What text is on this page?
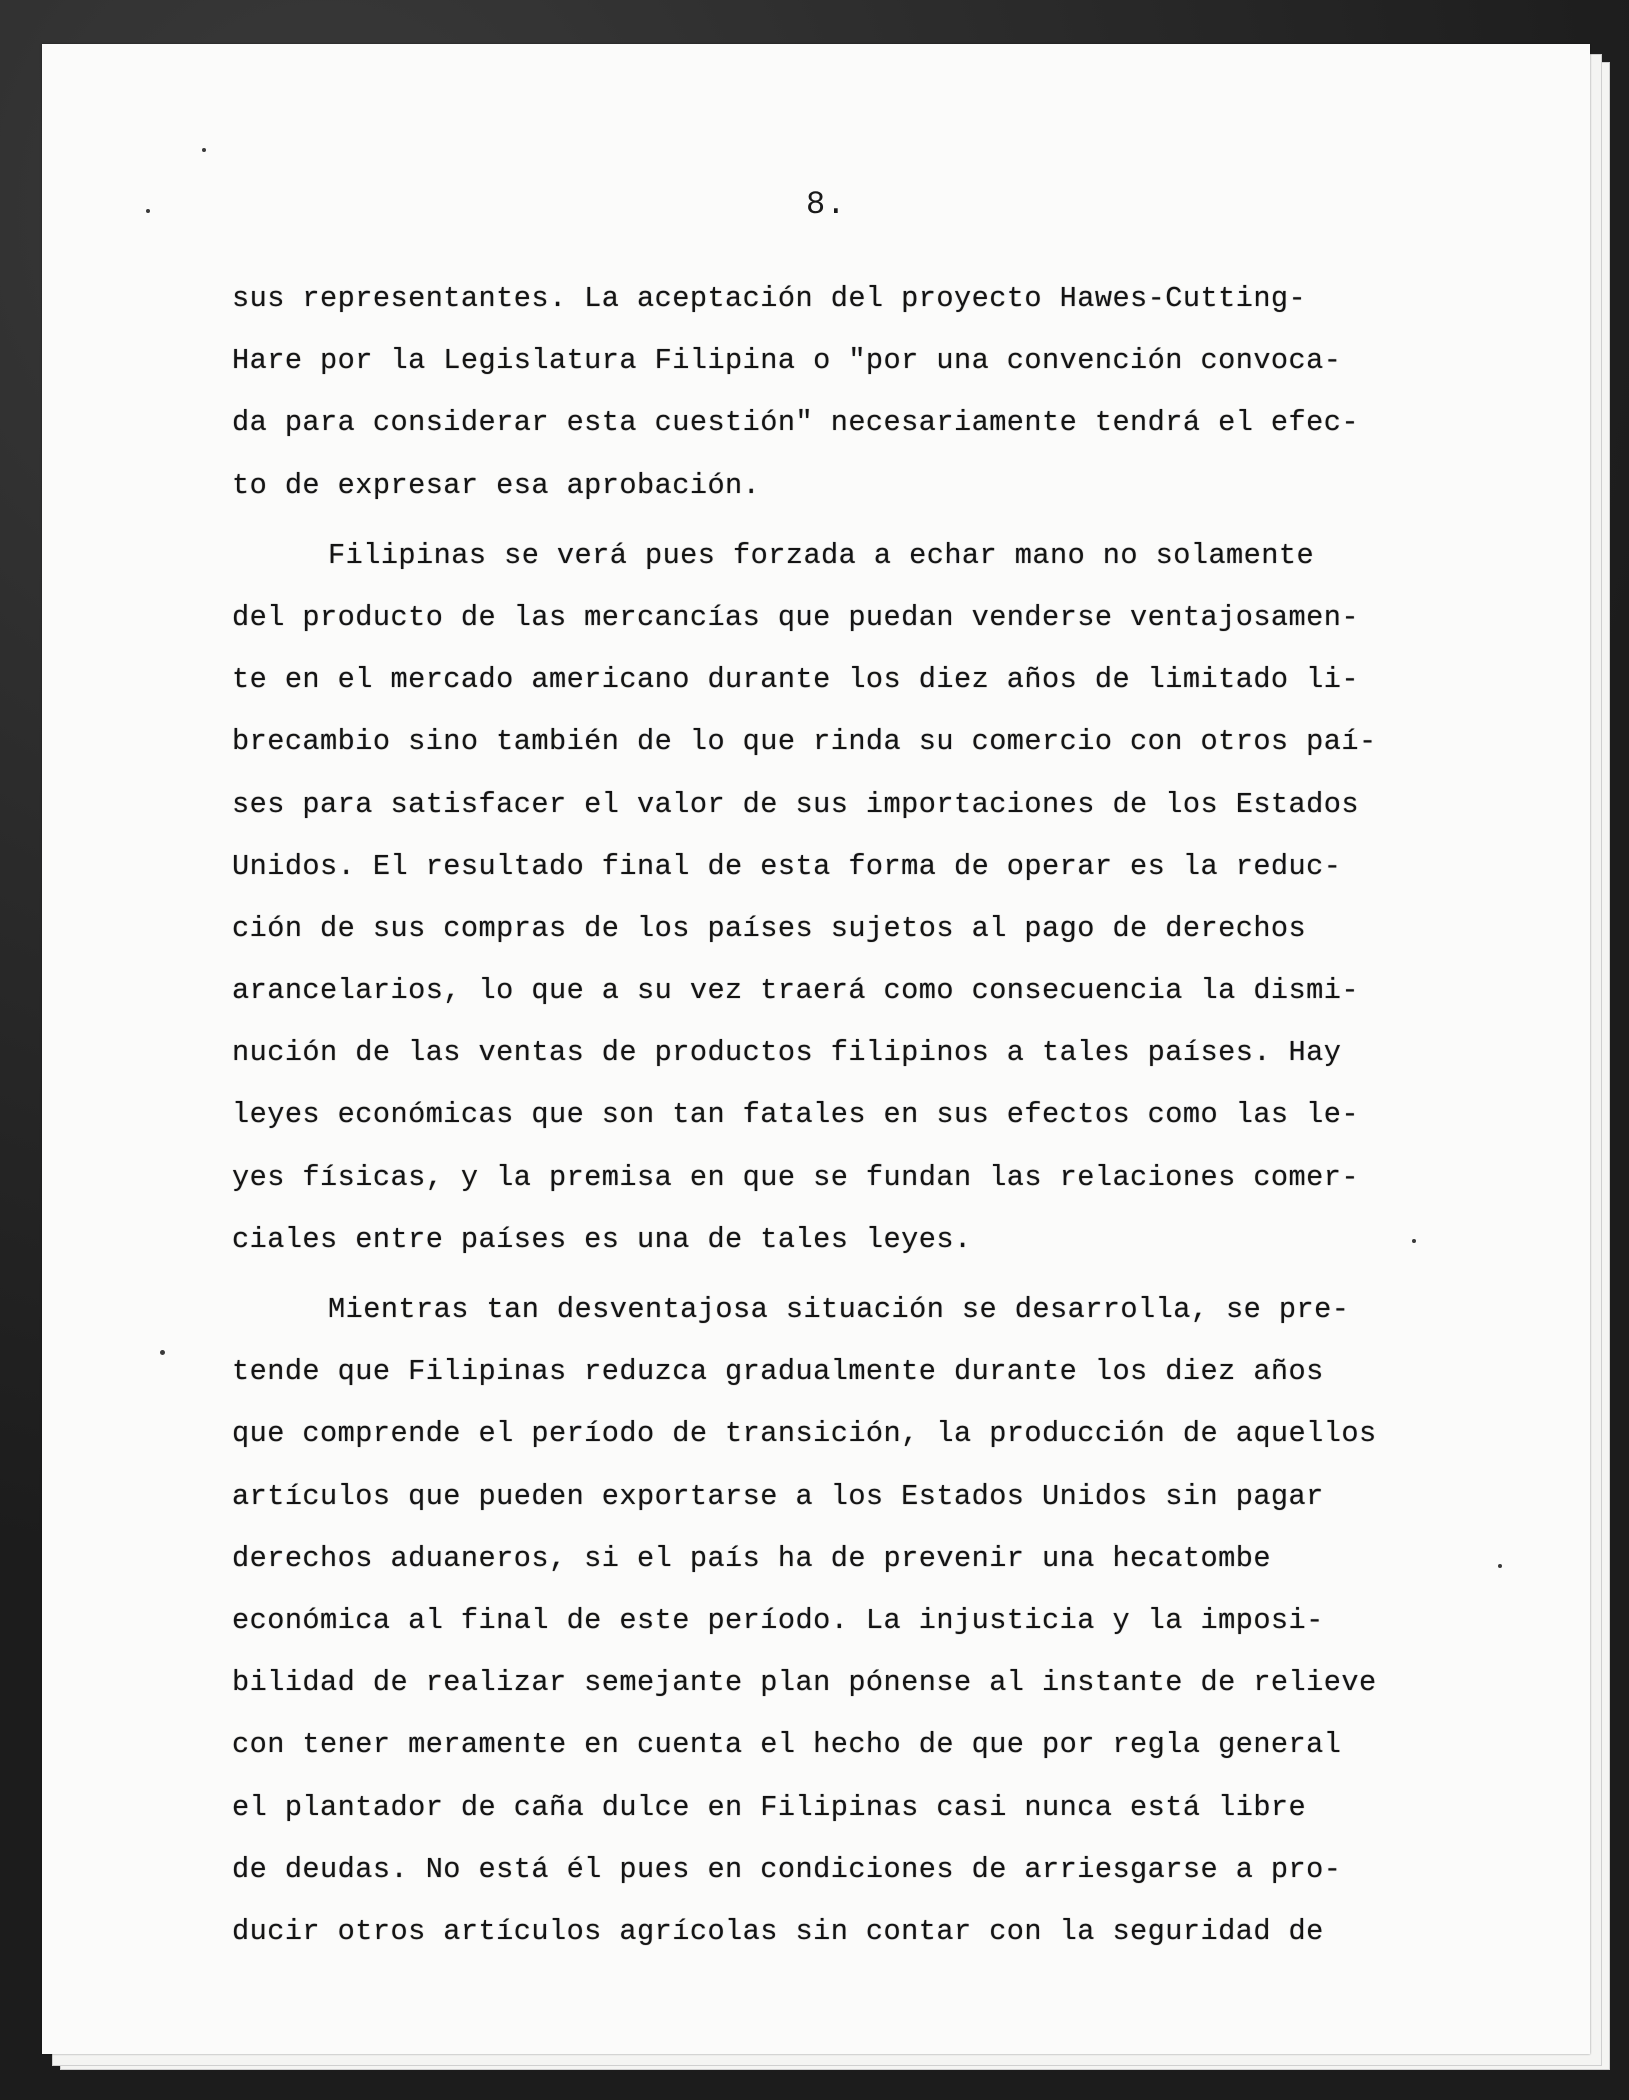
8.
sus representantes. La aceptación del proyecto Hawes-Cutting-
Hare por la Legislatura Filipina o "por una convención convoca-
da para considerar esta cuestión" necesariamente tendrá el efec-
to de expresar esa aprobación.
Filipinas se verá pues forzada a echar mano no solamente
del producto de las mercancías que puedan venderse ventajosamen-
te en el mercado americano durante los diez años de limitado li-
brecambio sino también de lo que rinda su comercio con otros paí-
ses para satisfacer el valor de sus importaciones de los Estados
Unidos. El resultado final de esta forma de operar es la reduc-
ción de sus compras de los países sujetos al pago de derechos
arancelarios, lo que a su vez traerá como consecuencia la dismi-
nución de las ventas de productos filipinos a tales países. Hay
leyes económicas que son tan fatales en sus efectos como las le-
yes físicas, y la premisa en que se fundan las relaciones comer-
ciales entre países es una de tales leyes.
Mientras tan desventajosa situación se desarrolla, se pre-
tende que Filipinas reduzca gradualmente durante los diez años
que comprende el período de transición, la producción de aquellos
artículos que pueden exportarse a los Estados Unidos sin pagar
derechos aduaneros, si el país ha de prevenir una hecatombe
económica al final de este período. La injusticia y la imposi-
bilidad de realizar semejante plan pónense al instante de relieve
con tener meramente en cuenta el hecho de que por regla general
el plantador de caña dulce en Filipinas casi nunca está libre
de deudas. No está él pues en condiciones de arriesgarse a pro-
ducir otros artículos agrícolas sin contar con la seguridad de
